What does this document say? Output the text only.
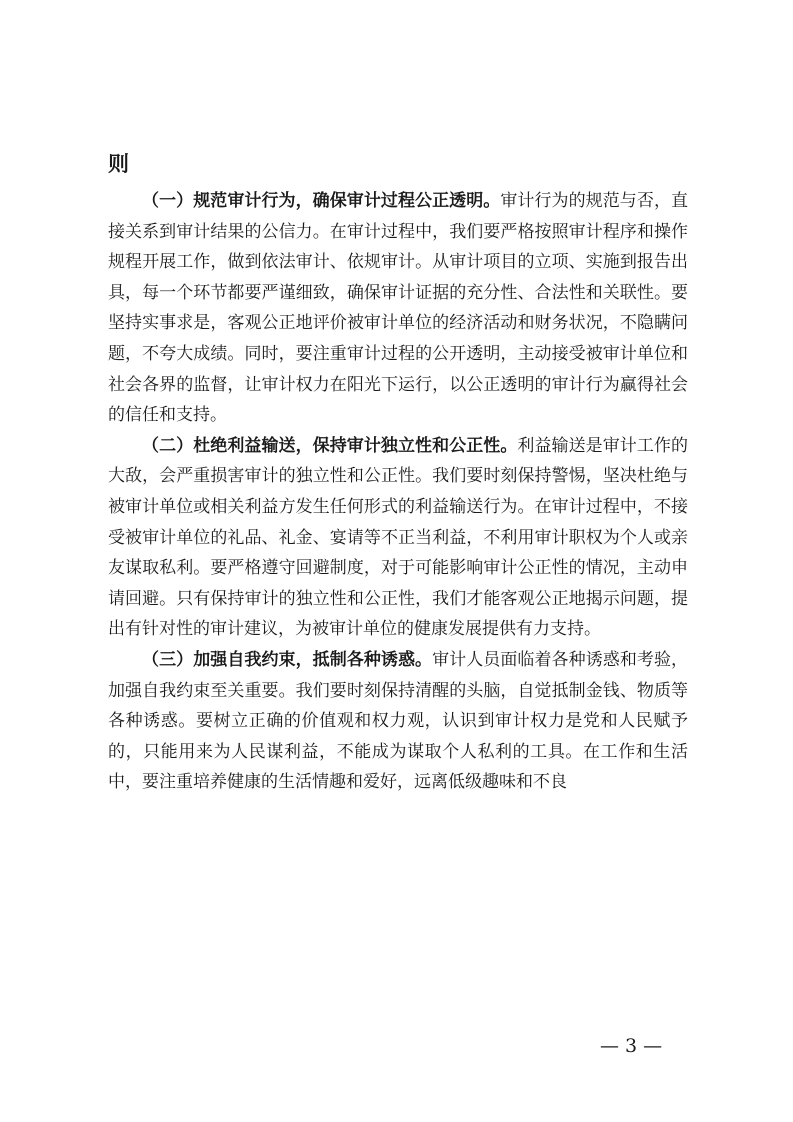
则

（一）规范审计行为，确保审计过程公正透明。审计行为的规范与否，直接关系到审计结果的公信力。在审计过程中，我们要严格按照审计程序和操作规程开展工作，做到依法审计、依规审计。从审计项目的立项、实施到报告出具，每一个环节都要严谨细致，确保审计证据的充分性、合法性和关联性。要坚持实事求是，客观公正地评价被审计单位的经济活动和财务状况，不隐瞒问题，不夸大成绩。同时，要注重审计过程的公开透明，主动接受被审计单位和社会各界的监督，让审计权力在阳光下运行，以公正透明的审计行为赢得社会的信任和支持。

（二）杜绝利益输送，保持审计独立性和公正性。利益输送是审计工作的大敌，会严重损害审计的独立性和公正性。我们要时刻保持警惕，坚决杜绝与被审计单位或相关利益方发生任何形式的利益输送行为。在审计过程中，不接受被审计单位的礼品、礼金、宴请等不正当利益，不利用审计职权为个人或亲友谋取私利。要严格遵守回避制度，对于可能影响审计公正性的情况，主动申请回避。只有保持审计的独立性和公正性，我们才能客观公正地揭示问题，提出有针对性的审计建议，为被审计单位的健康发展提供有力支持。

（三）加强自我约束，抵制各种诱惑。审计人员面临着各种诱惑和考验，加强自我约束至关重要。我们要时刻保持清醒的头脑，自觉抵制金钱、物质等各种诱惑。要树立正确的价值观和权力观，认识到审计权力是党和人民赋予的，只能用来为人民谋利益，不能成为谋取个人私利的工具。在工作和生活中，要注重培养健康的生活情趣和爱好，远离低级趣味和不良

— 3 —
